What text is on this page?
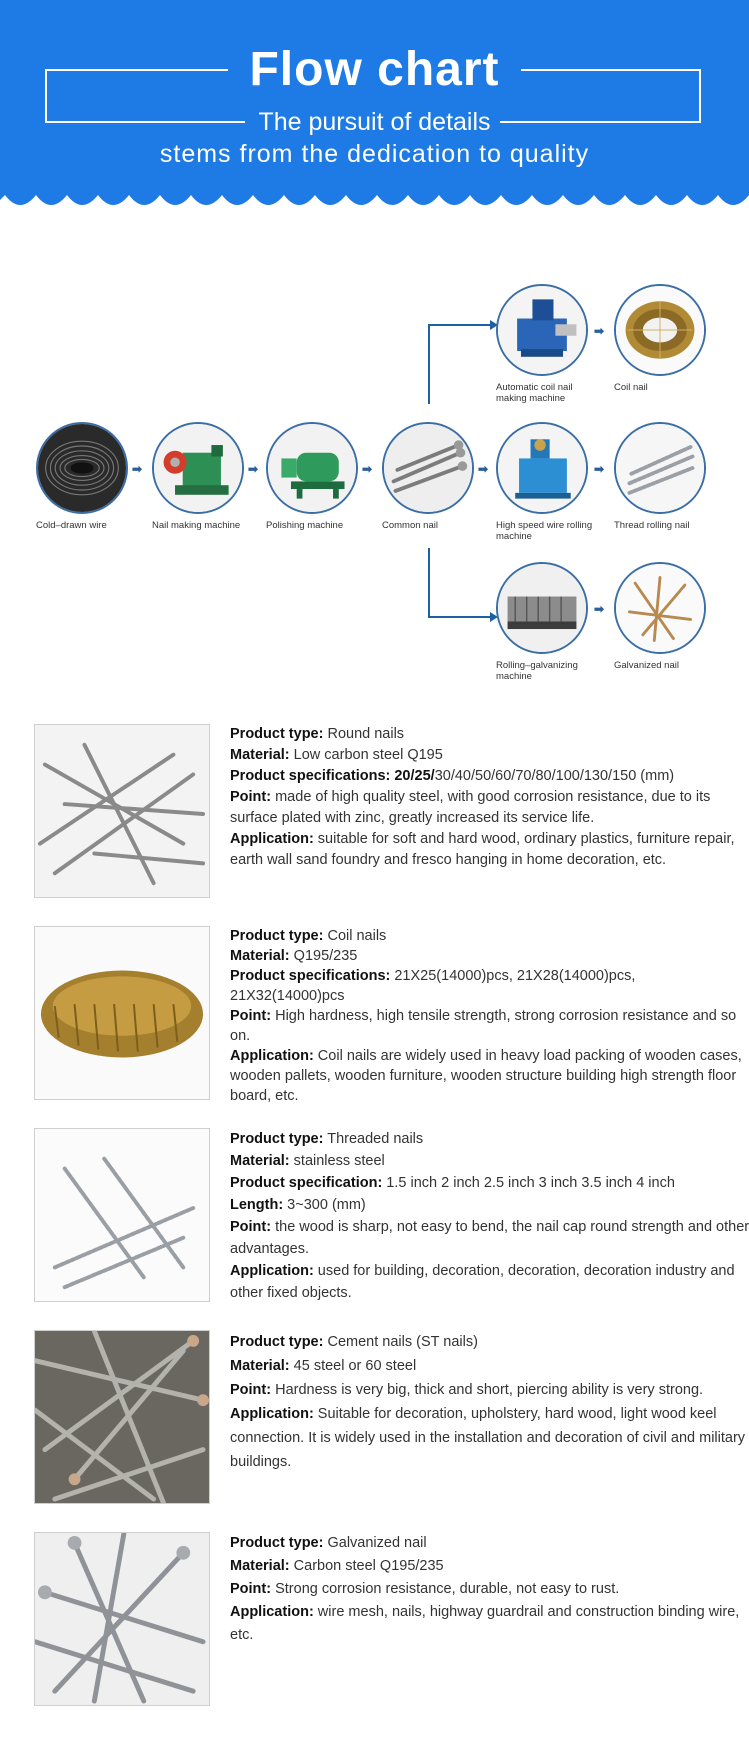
Flow chart
The pursuit of details
stems from the dedication to quality
Cold–drawn wire
➡
Nail making machine
➡
Polishing machine
➡
Common nail
➡
Automatic coil nail making machine
➡
Coil nail
High speed wire rolling machine
➡
Thread rolling nail
Rolling–galvanizing machine
➡
Galvanized nail

Product type: Round nails

Material: Low carbon steel Q195

Product specifications: 20/25/30/40/50/60/70/80/100/130/150 (mm)

Point: made of high quality steel, with good corrosion resistance, due to its surface plated with zinc, greatly increased its service life.

Application: suitable for soft and hard wood, ordinary plastics, furniture repair, earth wall sand foundry and fresco hanging in home decoration, etc.

Product type: Coil nails

Material: Q195/235

Product specifications: 21X25(14000)pcs, 21X28(14000)pcs, 21X32(14000)pcs

Point: High hardness, high tensile strength, strong corrosion resistance and so on.

Application: Coil nails are widely used in heavy load packing of wooden cases, wooden pallets, wooden furniture, wooden structure building high strength floor board, etc.

Product type: Threaded nails

Material: stainless steel

Product specification: 1.5 inch 2 inch 2.5 inch 3 inch 3.5 inch 4 inch

Length: 3~300 (mm)

Point: the wood is sharp, not easy to bend, the nail cap round strength and other advantages.

Application: used for building, decoration, decoration, decoration industry and other fixed objects.

Product type: Cement nails (ST nails)

Material: 45 steel or 60 steel

Point: Hardness is very big, thick and short, piercing ability is very strong.

Application: Suitable for decoration, upholstery, hard wood, light wood keel connection. It is widely used in the installation and decoration of civil and military buildings.

Product type: Galvanized nail

Material: Carbon steel Q195/235

Point: Strong corrosion resistance, durable, not easy to rust.

Application: wire mesh, nails, highway guardrail and construction binding wire, etc.
